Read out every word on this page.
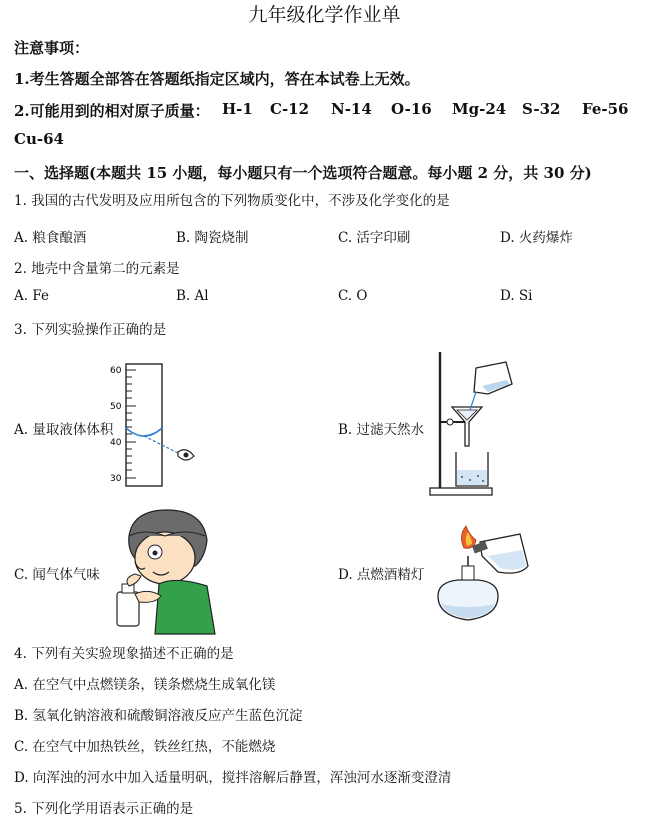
九年级化学作业单
注意事项：
1.考生答题全部答在答题纸指定区域内，答在本试卷上无效。
2.可能用到的相对原子质量： H-1 C-12 N-14 O-16 Mg-24 S-32 Fe-56
Cu-64
一、选择题(本题共 15 小题，每小题只有一个选项符合题意。每小题 2 分，共 30 分)
1. 我国的古代发明及应用所包含的下列物质变化中，不涉及化学变化的是
A. 粮食酿酒	B. 陶瓷烧制	C. 活字印刷	D. 火药爆炸
2. 地壳中含量第二的元素是
A. Fe	B. Al	C. O	D. Si
3. 下列实验操作正确的是
A. 量取液体体积	B. 过滤天然水
C. 闻气体气味	D. 点燃酒精灯
60
50
40
30
4. 下列有关实验现象描述不正确的是
A. 在空气中点燃镁条，镁条燃烧生成氧化镁
B. 氢氧化钠溶液和硫酸铜溶液反应产生蓝色沉淀
C. 在空气中加热铁丝，铁丝红热，不能燃烧
D. 向浑浊的河水中加入适量明矾，搅拌溶解后静置，浑浊河水逐渐变澄清
5. 下列化学用语表示正确的是
